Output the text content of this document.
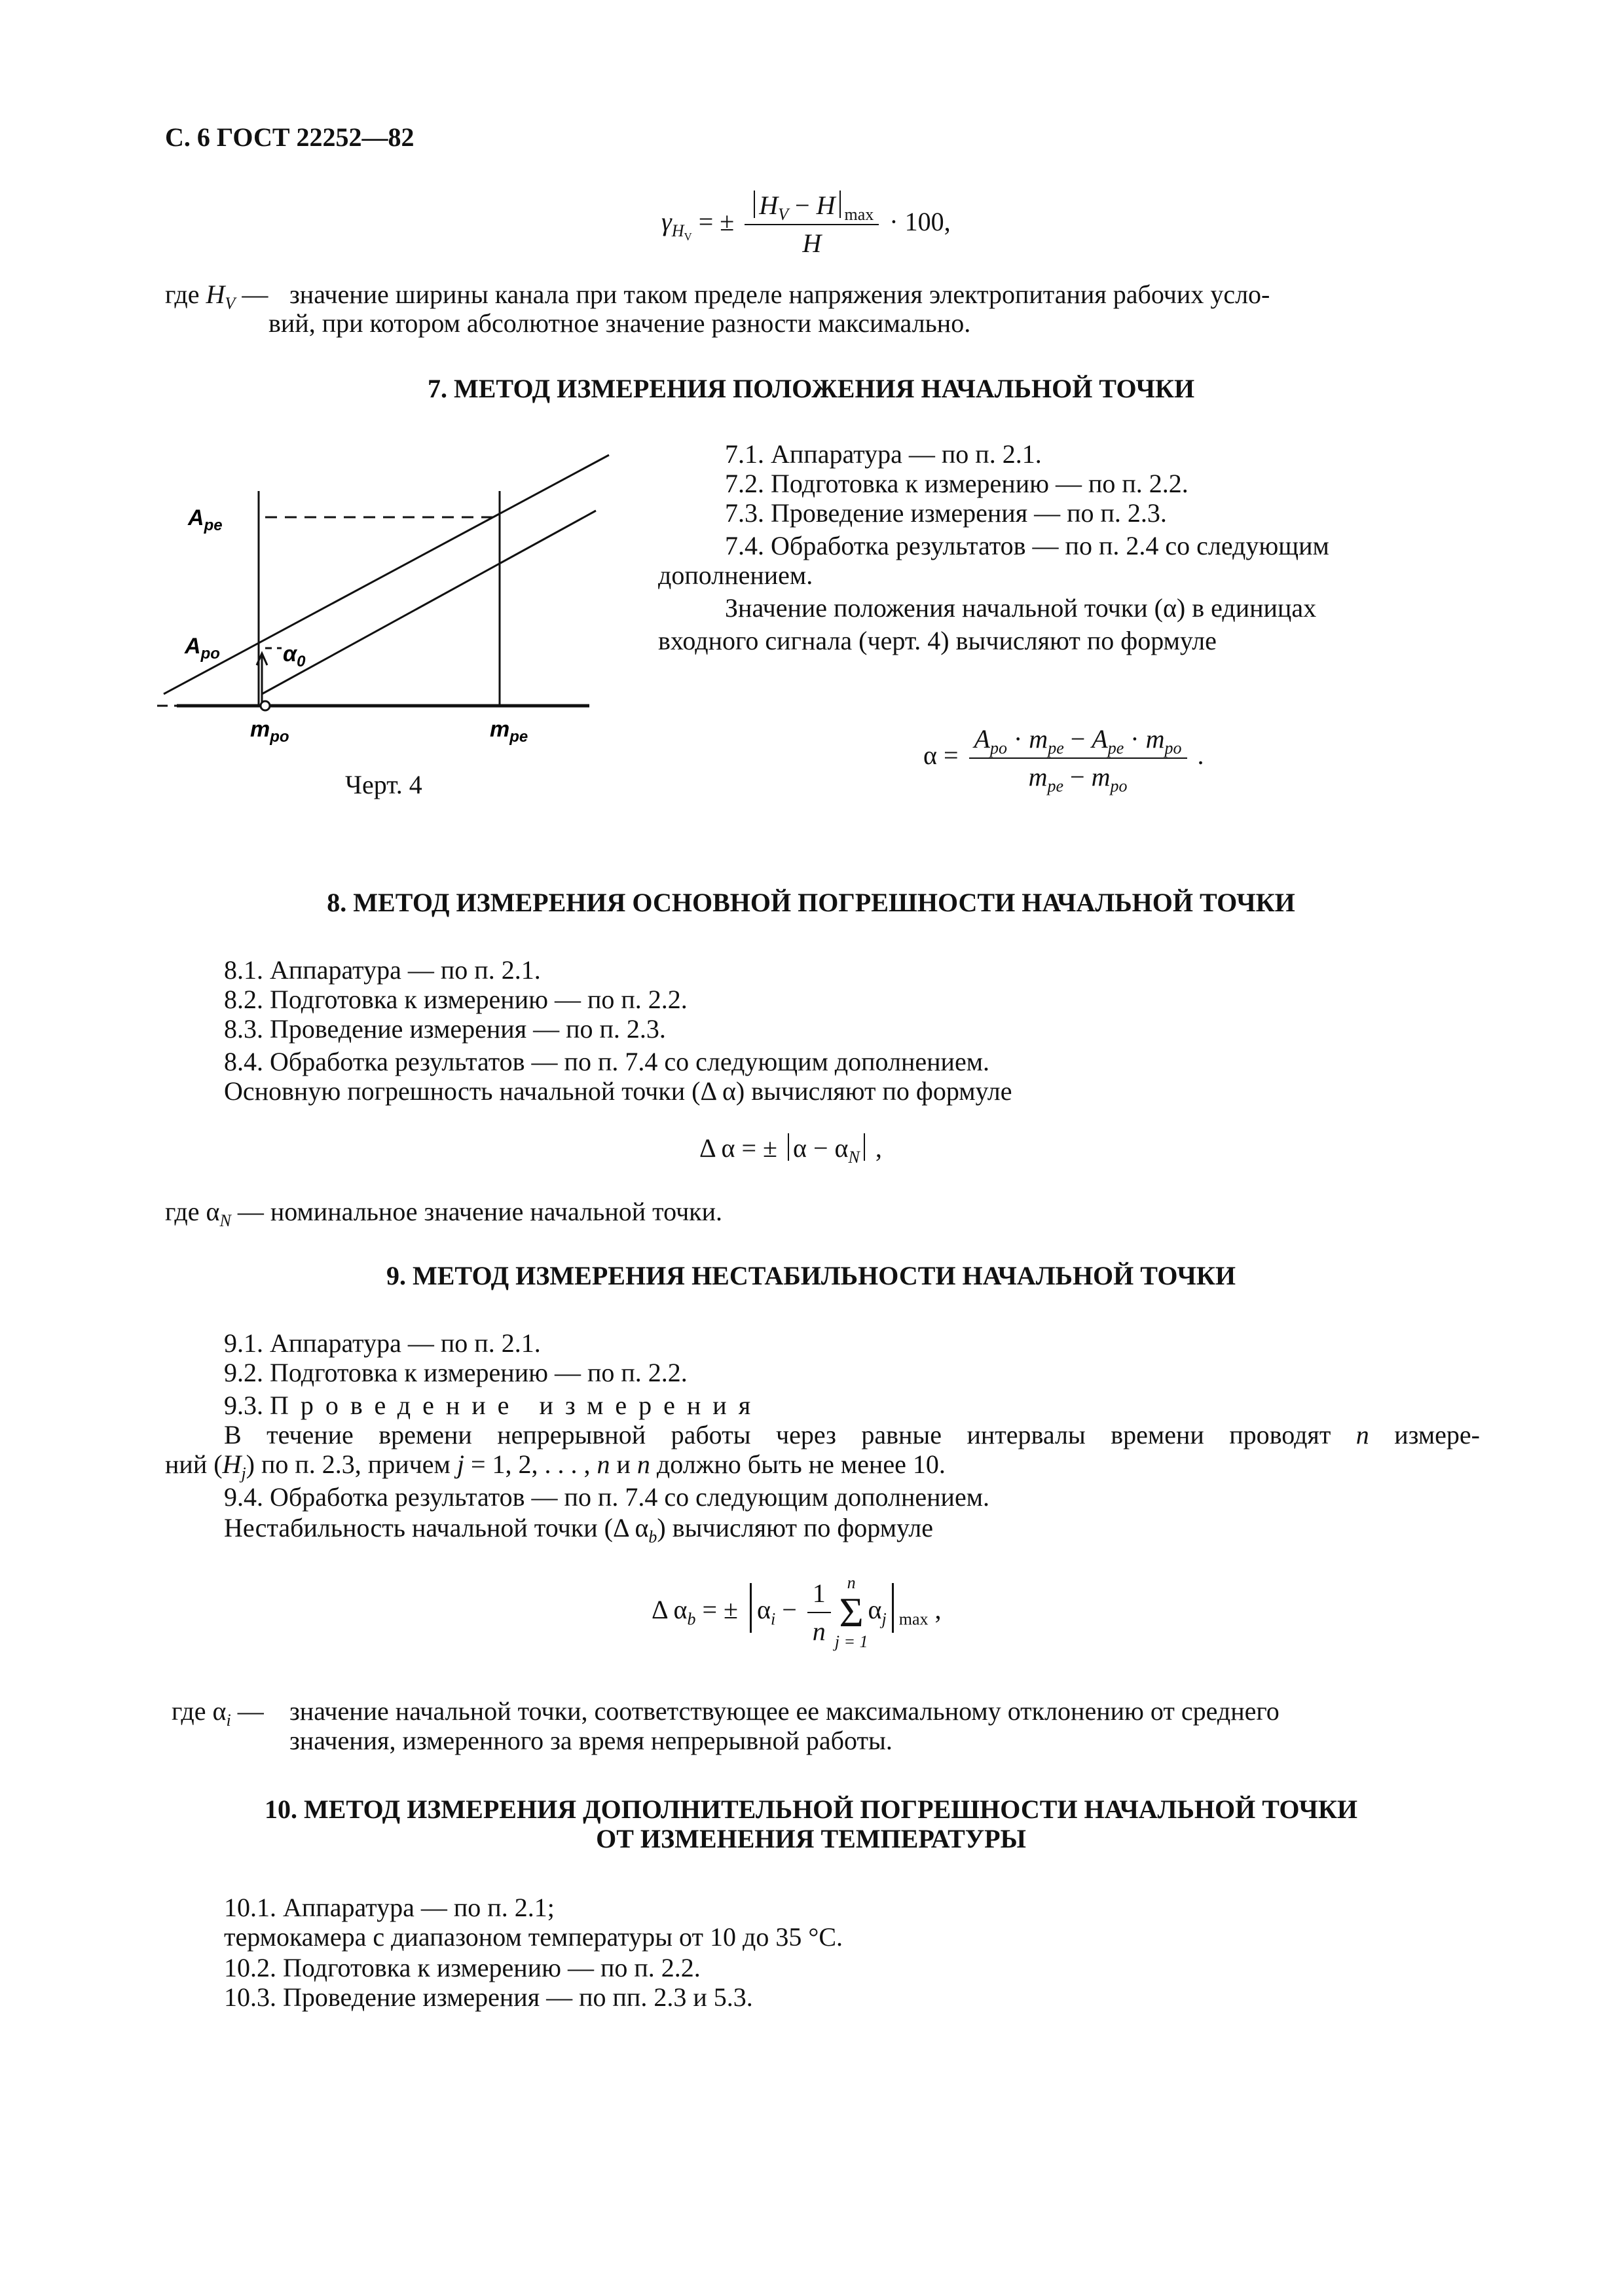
С. 6 ГОСТ 22252—82
$\gamma_{H_V}$ = ± $\frac{H_V - H _{max}}{H} \cdot 100$,
где $H_V$ — значение ширины канала при таком пределе напряжения электропитания рабочих усло-
вий, при котором абсолютное значение разности максимально.
7. МЕТОД ИЗМЕРЕНИЯ ПОЛОЖЕНИЯ НАЧАЛЬНОЙ ТОЧКИ
7.1. Аппаратура — по п. 2.1.
7.2. Подготовка к измерению — по п. 2.2.
7.3. Проведение измерения — по п. 2.3.
7.4. Обработка результатов — по п. 2.4 со следующим
дополнением.
Значение положения начальной точки (α) в единицах
входного сигнала (черт. 4) вычисляют по формуле
$A_{pe}$
$A_{po}$	$\alpha_0$
$m_{po}$	$m_{pe}$
Черт. 4
$\alpha = \frac{A_{po} \cdot m_{pe} - A_{pe} \cdot m_{po}}{m_{pe} - m_{po}}$ .
8. МЕТОД ИЗМЕРЕНИЯ ОСНОВНОЙ ПОГРЕШНОСТИ НАЧАЛЬНОЙ ТОЧКИ
8.1. Аппаратура — по п. 2.1.
8.2. Подготовка к измерению — по п. 2.2.
8.3. Проведение измерения — по п. 2.3.
8.4. Обработка результатов — по п. 7.4 со следующим дополнением.
Основную погрешность начальной точки (Δ α) вычисляют по формуле
Δ α = ± $\alpha - \alpha_N$ ,
где $\alpha_N$ — номинальное значение начальной точки.
9. МЕТОД ИЗМЕРЕНИЯ НЕСТАБИЛЬНОСТИ НАЧАЛЬНОЙ ТОЧКИ
9.1. Аппаратура — по п. 2.1.
9.2. Подготовка к измерению — по п. 2.2.
9.3. Проведение измерения
В течение времени непрерывной работы через равные интервалы времени проводят n измере-
ний $(H_j)$ по п. 2.3, причем j = 1, 2, . . . , n и n должно быть не менее 10.
9.4. Обработка результатов — по п. 7.4 со следующим дополнением.
Нестабильность начальной точки (Δ $\alpha_b$) вычисляют по формуле
Δ $\alpha_b$ = ± $\alpha_i - \frac{1}{n}$ n
Σ
j = 1
$\alpha_j$ $_{max}$ ,
где $\alpha_i$ — значение начальной точки, соответствующее ее максимальному отклонению от среднего
значения, измеренного за время непрерывной работы.
10. МЕТОД ИЗМЕРЕНИЯ ДОПОЛНИТЕЛЬНОЙ ПОГРЕШНОСТИ НАЧАЛЬНОЙ ТОЧКИ
ОТ ИЗМЕНЕНИЯ ТЕМПЕРАТУРЫ
10.1. Аппаратура — по п. 2.1;
термокамера с диапазоном температуры от 10 до 35 °С.
10.2. Подготовка к измерению — по п. 2.2.
10.3. Проведение измерения — по пп. 2.3 и 5.3.
